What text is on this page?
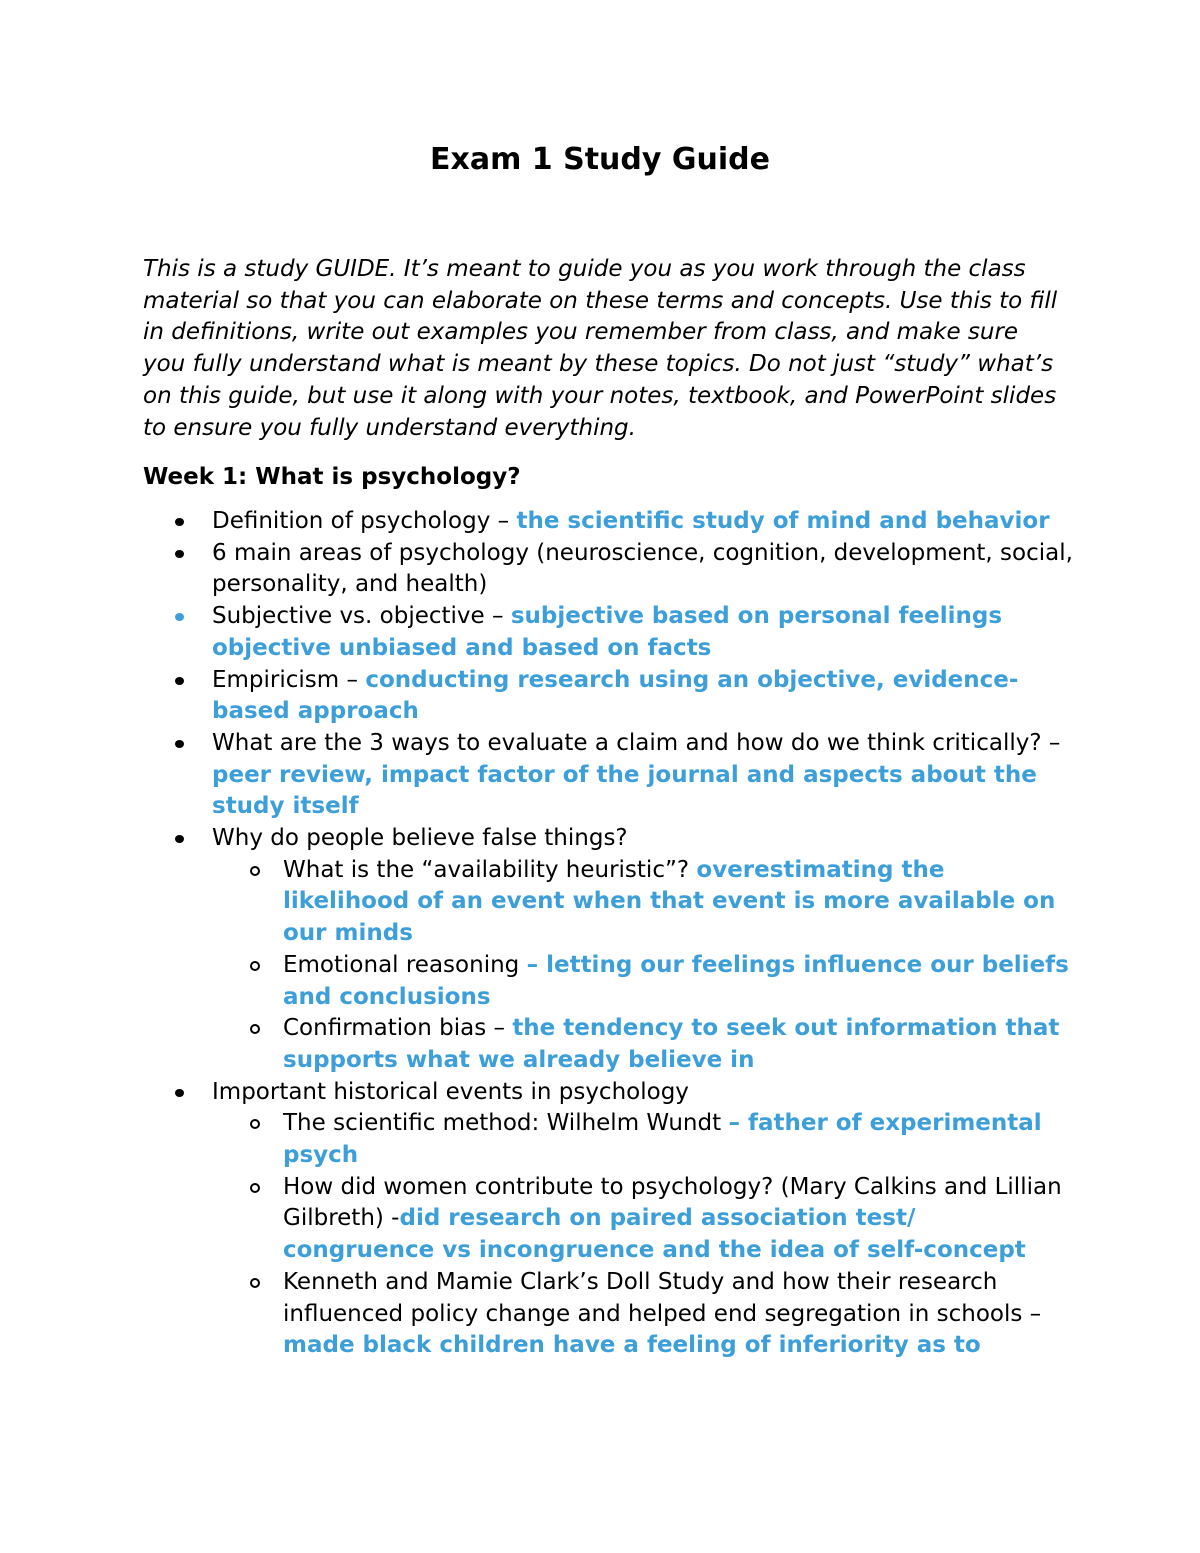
Exam 1 Study Guide

This is a study GUIDE. It’s meant to guide you as you work through the class material so that you can elaborate on these terms and concepts. Use this to fill in definitions, write out examples you remember from class, and make sure you fully understand what is meant by these topics. Do not just “study” what’s on this guide, but use it along with your notes, textbook, and PowerPoint slides to ensure you fully understand everything.

Week 1: What is psychology?

Definition of psychology – the scientific study of mind and behavior
6 main areas of psychology (neuroscience, cognition, development, social, personality, and health)
Subjective vs. objective – subjective based on personal feelings objective unbiased and based on facts
Empiricism – conducting research using an objective, evidence-based approach
What are the 3 ways to evaluate a claim and how do we think critically? – peer review, impact factor of the journal and aspects about the study itself
Why do people believe false things?
What is the “availability heuristic”? overestimating the likelihood of an event when that event is more available on our minds
Emotional reasoning – letting our feelings influence our beliefs and conclusions
Confirmation bias – the tendency to seek out information that supports what we already believe in
Important historical events in psychology
The scientific method: Wilhelm Wundt – father of experimental psych
How did women contribute to psychology? (Mary Calkins and Lillian Gilbreth) -did research on paired association test/ congruence vs incongruence and the idea of self-concept
Kenneth and Mamie Clark’s Doll Study and how their research influenced policy change and helped end segregation in schools – made black children have a feeling of inferiority as to
